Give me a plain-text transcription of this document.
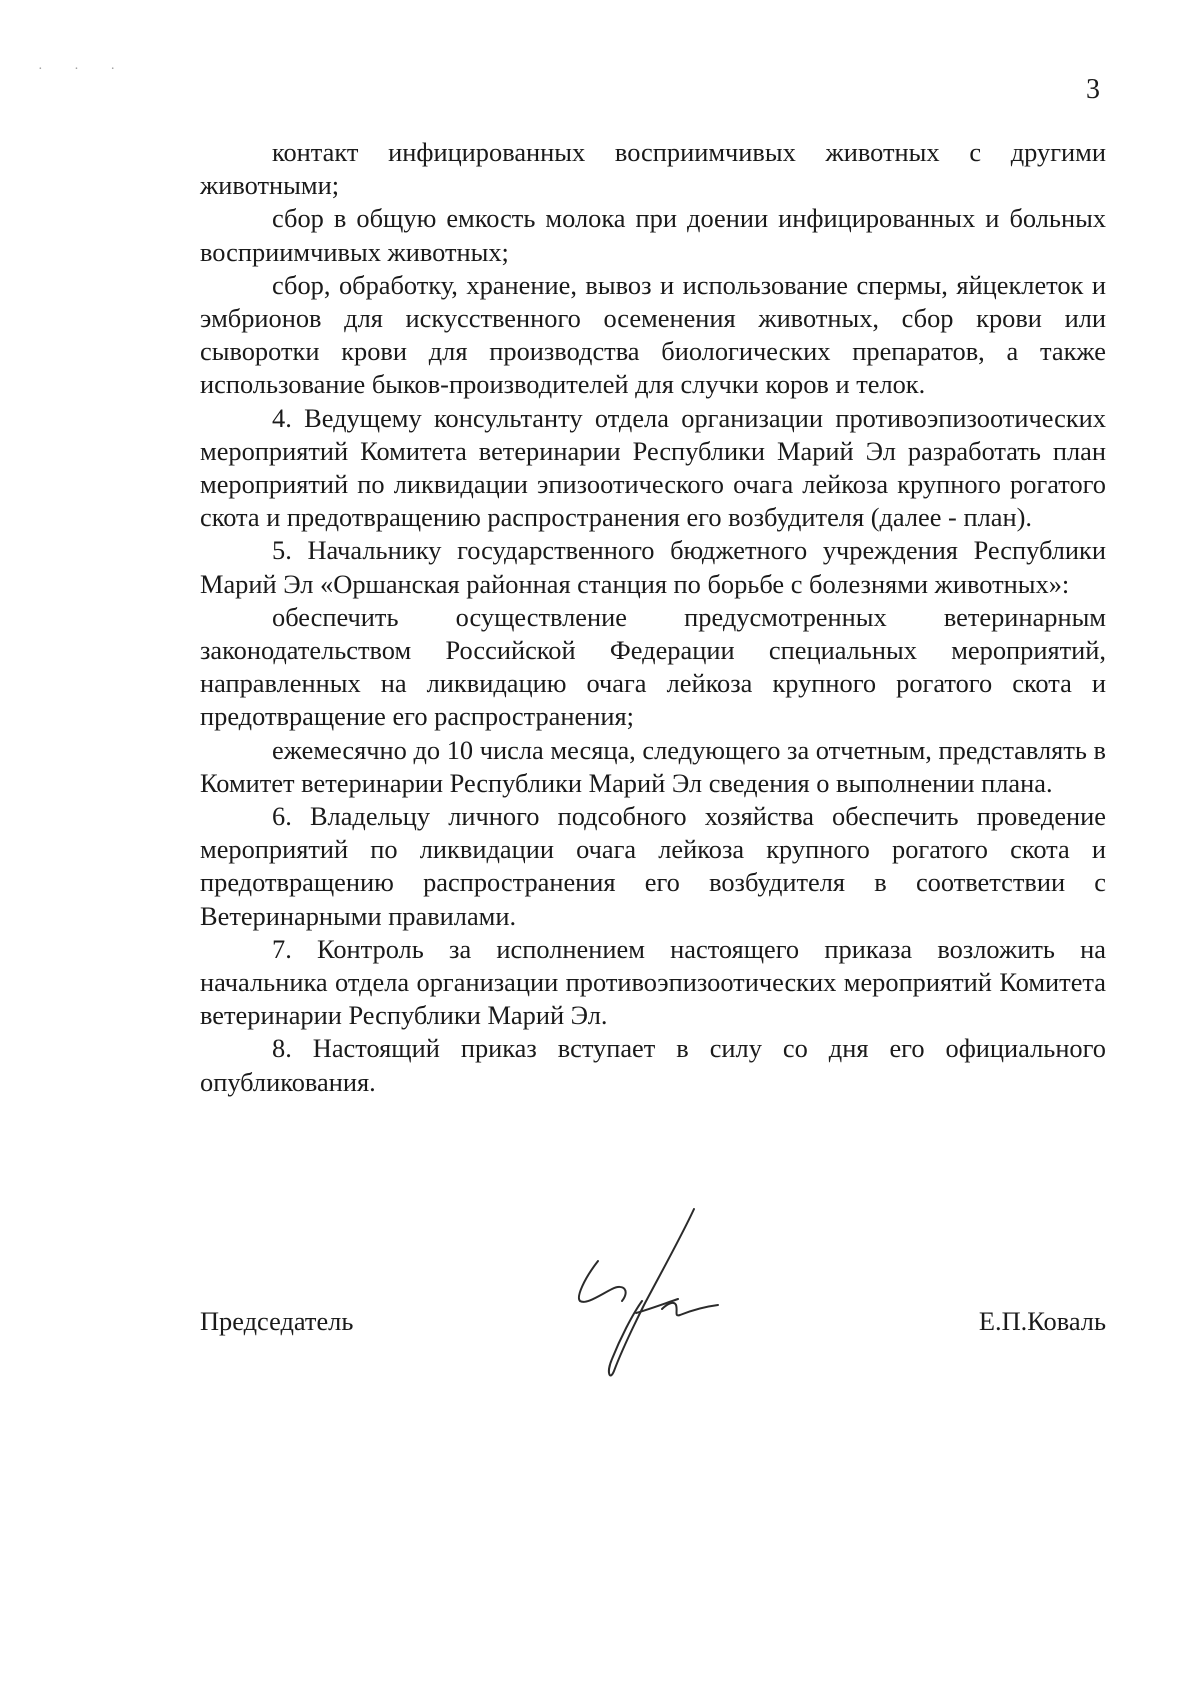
· · ·
3

контакт инфицированных восприимчивых животных с другими животными;

сбор в общую емкость молока при доении инфицированных и больных восприимчивых животных;

сбор, обработку, хранение, вывоз и использование спермы, яйцеклеток и эмбрионов для искусственного осеменения животных, сбор крови или сыворотки крови для производства биологических препаратов, а также использование быков-производителей для случки коров и телок.

4. Ведущему консультанту отдела организации противоэпизоотических мероприятий Комитета ветеринарии Республики Марий Эл разработать план мероприятий по ликвидации эпизоотического очага лейкоза крупного рогатого скота и предотвращению распространения его возбудителя (далее - план).

5. Начальнику государственного бюджетного учреждения Республики Марий Эл «Оршанская районная станция по борьбе с болезнями животных»:

обеспечить осуществление предусмотренных ветеринарным законодательством Российской Федерации специальных мероприятий, направленных на ликвидацию очага лейкоза крупного рогатого скота и предотвращение его распространения;

ежемесячно до 10 числа месяца, следующего за отчетным, представлять в Комитет ветеринарии Республики Марий Эл сведения о выполнении плана.

6. Владельцу личного подсобного хозяйства обеспечить проведение мероприятий по ликвидации очага лейкоза крупного рогатого скота и предотвращению распространения его возбудителя в соответствии с Ветеринарными правилами.

7. Контроль за исполнением настоящего приказа возложить на начальника отдела организации противоэпизоотических мероприятий Комитета ветеринарии Республики Марий Эл.

8. Настоящий приказ вступает в силу со дня его официального опубликования.

Председатель	Е.П.Коваль
